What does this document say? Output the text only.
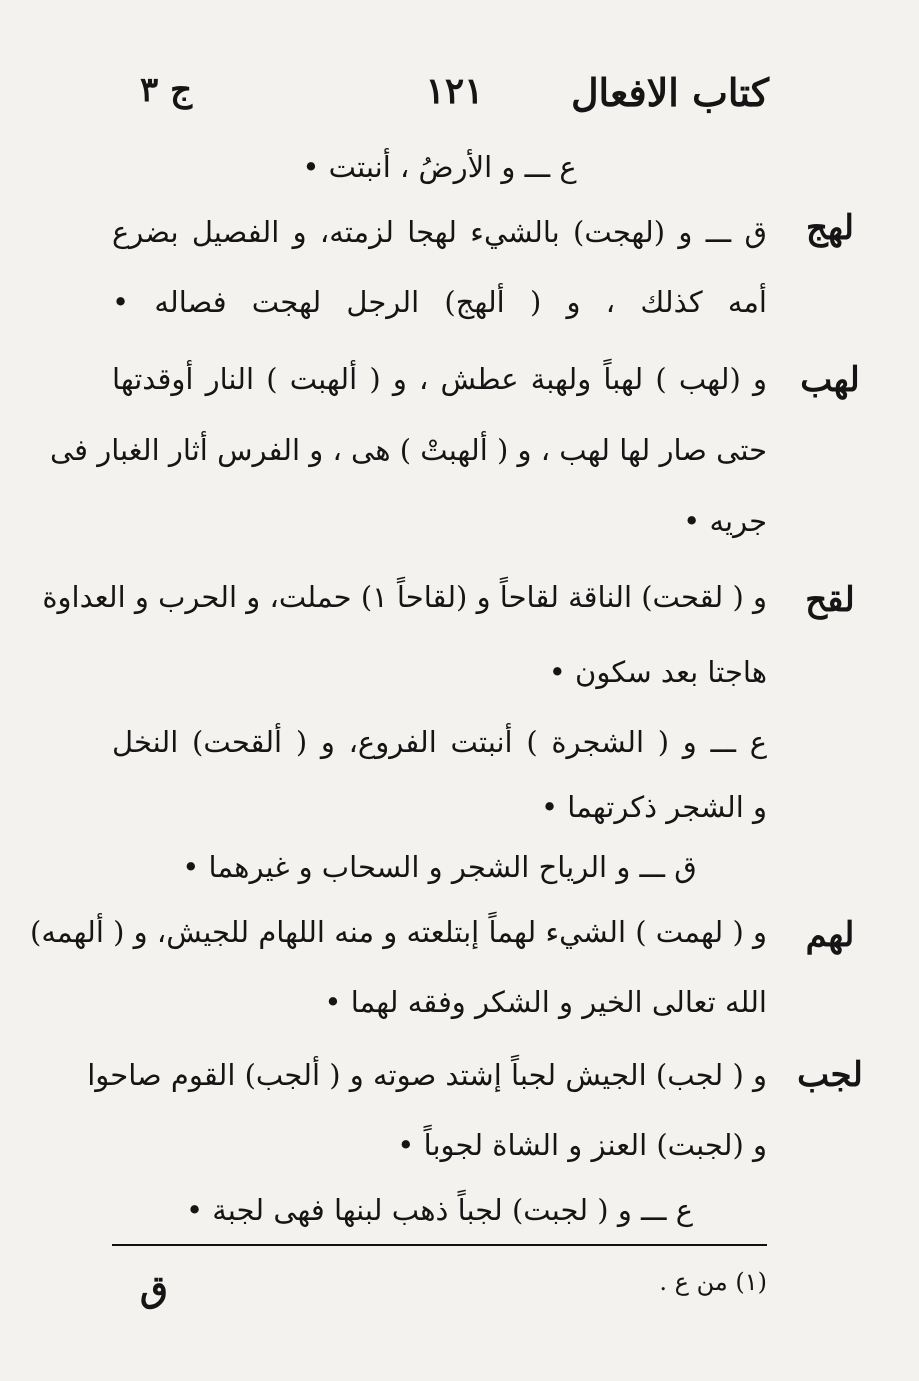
كتاب الافعال
١٢١
ج ٣
ع ـــ و الأرضُ ، أنبتت •
لهج
ق ـــ و (لهجت) بالشيء لهجا لزمته، و الفصيل بضرع
أمه كذلك ، و ( ألهج) الرجل لهجت فصاله •
لهب
و (لهب ) لهباً ولهبة عطش ، و ( ألهبت ) النار أوقدتها
حتى صار لها لهب ، و ( ألهبتْ ) هى ، و الفرس أثار الغبار فى
جريه •
لقح
و ( لقحت) الناقة لقاحاً و (لقاحاً ١) حملت، و الحرب و العداوة
هاجتا بعد سكون •
ع ـــ و ( الشجرة ) أنبتت الفروع، و ( ألقحت) النخل
و الشجر ذكرتهما •
ق ـــ و الرياح الشجر و السحاب و غيرهما •
لهم
و ( لهمت ) الشيء لهماً إبتلعته و منه اللهام للجيش، و ( ألهمه)
الله تعالى الخير و الشكر وفقه لهما •
لجب
و ( لجب) الجيش لجباً إشتد صوته و ( ألجب) القوم صاحوا
و (لجبت) العنز و الشاة لجوباً •
ع ـــ و ( لجبت) لجباً ذهب لبنها فهى لجبة •
(١) من ع .
ق
